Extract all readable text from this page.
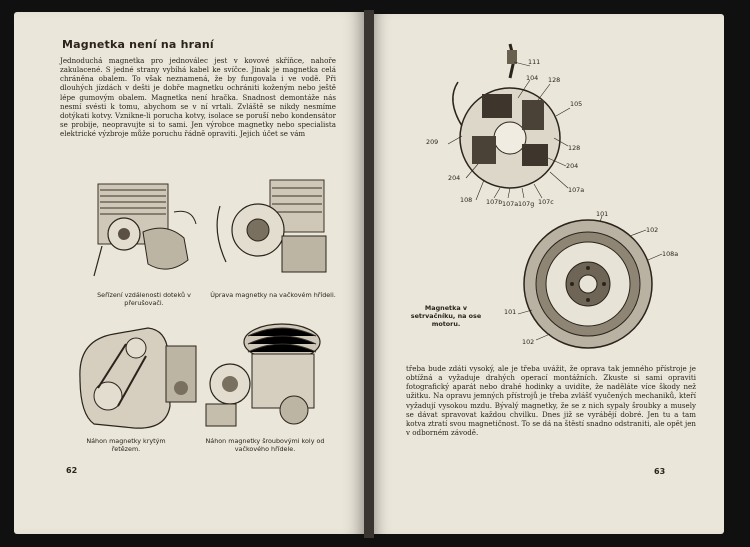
Magnetka není na hraní
Jednoduchá magnetka pro jednoválec jest v kovové skříňce, nahoře zakulacené. S jedné strany vybíhá kabel ke svíčce. Jinak je magnetka celá chráněna obalem. To však neznamená, že by fungovala i ve vodě. Při dlouhých jízdách v dešti je dobře magnetku ochrániti koženým nebo ještě lépe gumovým obalem. Magnetka není hračka. Snadnost demontáže nás nesmí svésti k tomu, abychom se v ní vrtali. Zvláště se nikdy nesmíme dotýkati kotvy. Vznikne-li porucha kotvy, isolace se poruší nebo kondensátor se probije, neopravujte si to sami. Jen výrobce magnetky nebo specialista elektrické výzbroje může poruchu řádně opraviti. Jejich účet se vám
Seřízení vzdálenosti doteků v přerušovači.
Úprava magnetky na vačkovém hřídeli.
Náhon magnetky krytým řetězem.
Náhon magnetky šroubovými koly od vačkového hřídele.
62
111
104 128
105
209
204
128
204
107a
108 107b 107a 107g 107c
101
102
108a
101
102
Magnetka v setrvačníku, na ose motoru.
třeba bude zdáti vysoký, ale je třeba uvážit, že oprava tak jemného přístroje je obtížná a vyžaduje drahých operací montážních. Zkuste si sami opraviti fotografický aparát nebo drahé hodinky a uvidíte, že naděláte více škody než užitku. Na opravu jemných přístrojů je třeba zvlášť vyučených mechaniků, kteří vyžadují vysokou mzdu. Bývalý magnetky, že se z nich sypaly šroubky a musely se dávat spravovat každou chvilku. Dnes již se vyrábějí dobré. Jen tu a tam kotva ztratí svou magnetičnost. To se dá na štěstí snadno odstraniti, ale opět jen v odborném závodě.
63
